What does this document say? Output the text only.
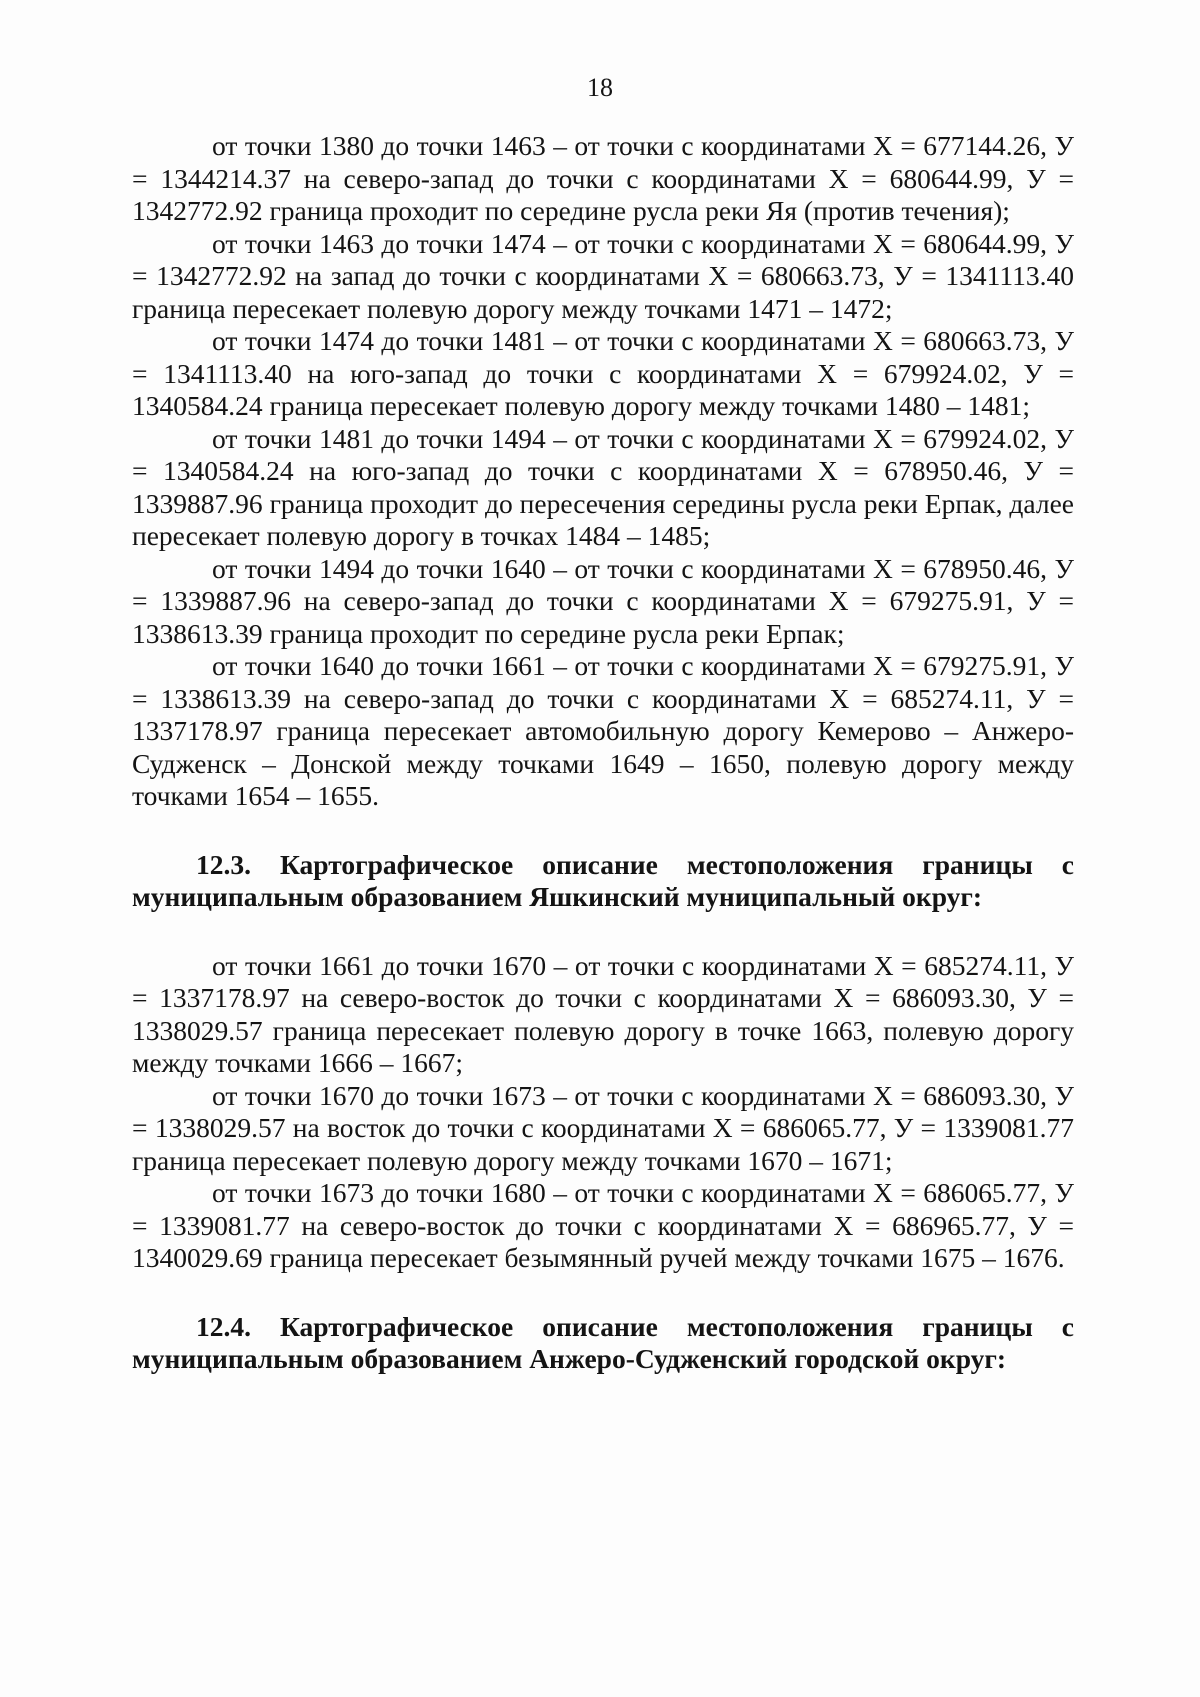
18

от точки 1380 до точки 1463 – от точки с координатами Х = 677144.26, У = 1344214.37 на северо-запад до точки с координатами Х = 680644.99, У = 1342772.92 граница проходит по середине русла реки Яя (против течения);

от точки 1463 до точки 1474 – от точки с координатами Х = 680644.99, У = 1342772.92 на запад до точки с координатами Х = 680663.73, У = 1341113.40 граница пересекает полевую дорогу между точками 1471 – 1472;

от точки 1474 до точки 1481 – от точки с координатами Х = 680663.73, У = 1341113.40 на юго-запад до точки с координатами Х = 679924.02, У = 1340584.24 граница пересекает полевую дорогу между точками 1480 – 1481;

от точки 1481 до точки 1494 – от точки с координатами Х = 679924.02, У = 1340584.24 на юго-запад до точки с координатами Х = 678950.46, У = 1339887.96 граница проходит до пересечения середины русла реки Ерпак, далее пересекает полевую дорогу в точках 1484 – 1485;

от точки 1494 до точки 1640 – от точки с координатами Х = 678950.46, У = 1339887.96 на северо-запад до точки с координатами Х = 679275.91, У = 1338613.39 граница проходит по середине русла реки Ерпак;

от точки 1640 до точки 1661 – от точки с координатами Х = 679275.91, У = 1338613.39 на северо-запад до точки с координатами Х = 685274.11, У = 1337178.97 граница пересекает автомобильную дорогу Кемерово – Анжеро-Судженск – Донской между точками 1649 – 1650, полевую дорогу между точками 1654 – 1655.

12.3. Картографическое описание местоположения границы с муниципальным образованием Яшкинский муниципальный округ:

от точки 1661 до точки 1670 – от точки с координатами Х = 685274.11, У = 1337178.97 на северо-восток до точки с координатами Х = 686093.30, У = 1338029.57 граница пересекает полевую дорогу в точке 1663, полевую дорогу между точками 1666 – 1667;

от точки 1670 до точки 1673 – от точки с координатами Х = 686093.30, У = 1338029.57 на восток до точки с координатами Х = 686065.77, У = 1339081.77 граница пересекает полевую дорогу между точками 1670 – 1671;

от точки 1673 до точки 1680 – от точки с координатами Х = 686065.77, У = 1339081.77 на северо-восток до точки с координатами Х = 686965.77, У = 1340029.69 граница пересекает безымянный ручей между точками 1675 – 1676.

12.4. Картографическое описание местоположения границы с муниципальным образованием Анжеро-Судженский городской округ:
